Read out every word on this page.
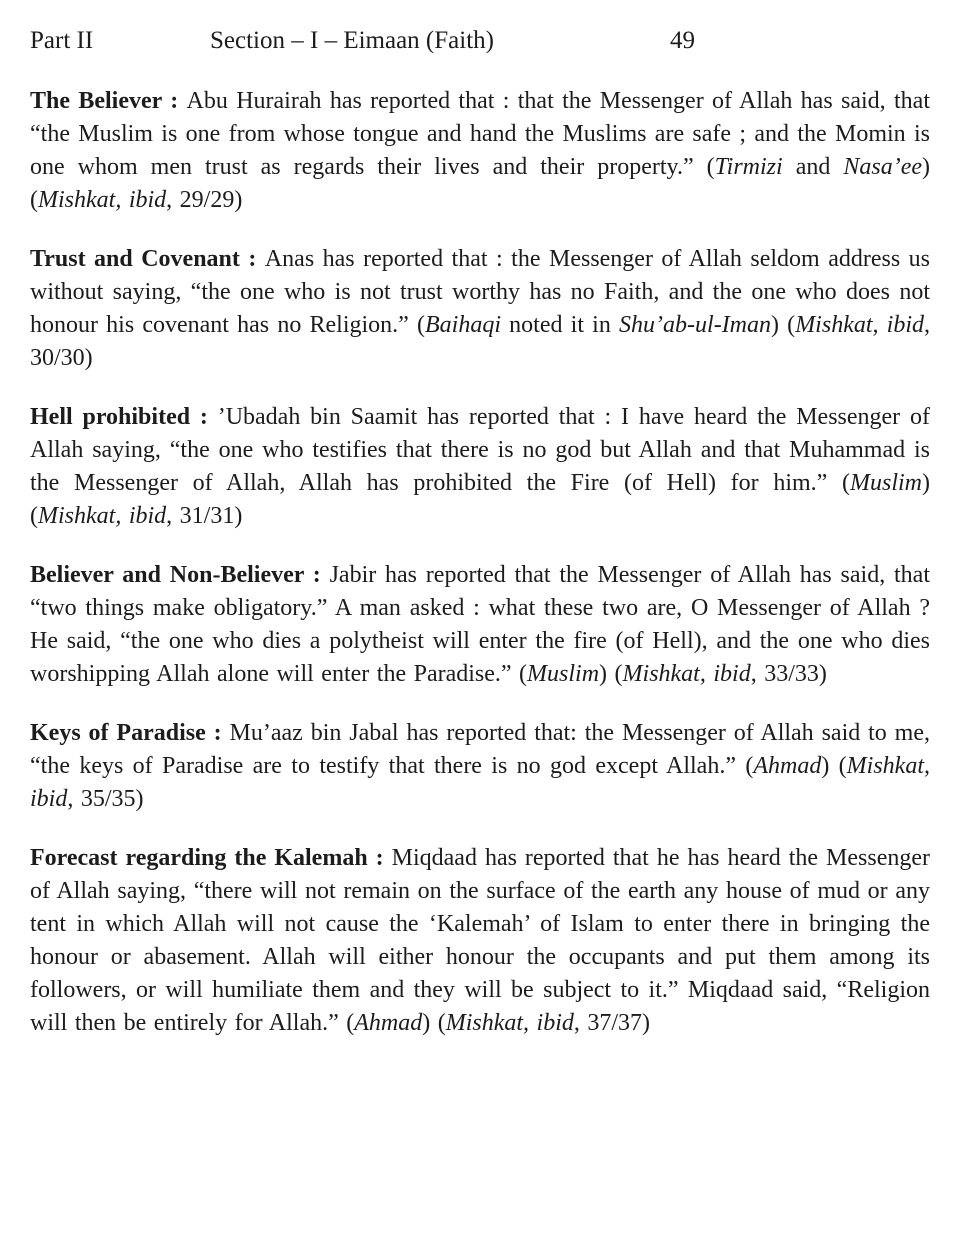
Part II	Section – I – Eimaan (Faith)	49

The Believer : Abu Hurairah has reported that : that the Messenger of Allah has said, that “the Muslim is one from whose tongue and hand the Muslims are safe ; and the Momin is one whom men trust as regards their lives and their property.” (Tirmizi and Nasa’ee) (Mishkat, ibid, 29/29)

Trust and Covenant : Anas has reported that : the Messenger of Allah seldom address us without saying, “the one who is not trust worthy has no Faith, and the one who does not honour his covenant has no Religion.” (Baihaqi noted it in Shu’ab-ul-Iman) (Mishkat, ibid, 30/30)

Hell prohibited : ’Ubadah bin Saamit has reported that : I have heard the Messenger of Allah saying, “the one who testifies that there is no god but Allah and that Muhammad is the Messenger of Allah, Allah has prohibited the Fire (of Hell) for him.” (Muslim) (Mishkat, ibid, 31/31)

Believer and Non-Believer : Jabir has reported that the Messenger of Allah has said, that “two things make obligatory.” A man asked : what these two are, O Messenger of Allah ? He said, “the one who dies a polytheist will enter the fire (of Hell), and the one who dies worshipping Allah alone will enter the Paradise.” (Muslim) (Mishkat, ibid, 33/33)

Keys of Paradise : Mu’aaz bin Jabal has reported that: the Messenger of Allah said to me, “the keys of Paradise are to testify that there is no god except Allah.” (Ahmad) (Mishkat, ibid, 35/35)

Forecast regarding the Kalemah : Miqdaad has reported that he has heard the Messenger of Allah saying, “there will not remain on the surface of the earth any house of mud or any tent in which Allah will not cause the ‘Kalemah’ of Islam to enter there in bringing the honour or abasement. Allah will either honour the occupants and put them among its followers, or will humiliate them and they will be subject to it.” Miqdaad said, “Religion will then be entirely for Allah.” (Ahmad) (Mishkat, ibid, 37/37)
